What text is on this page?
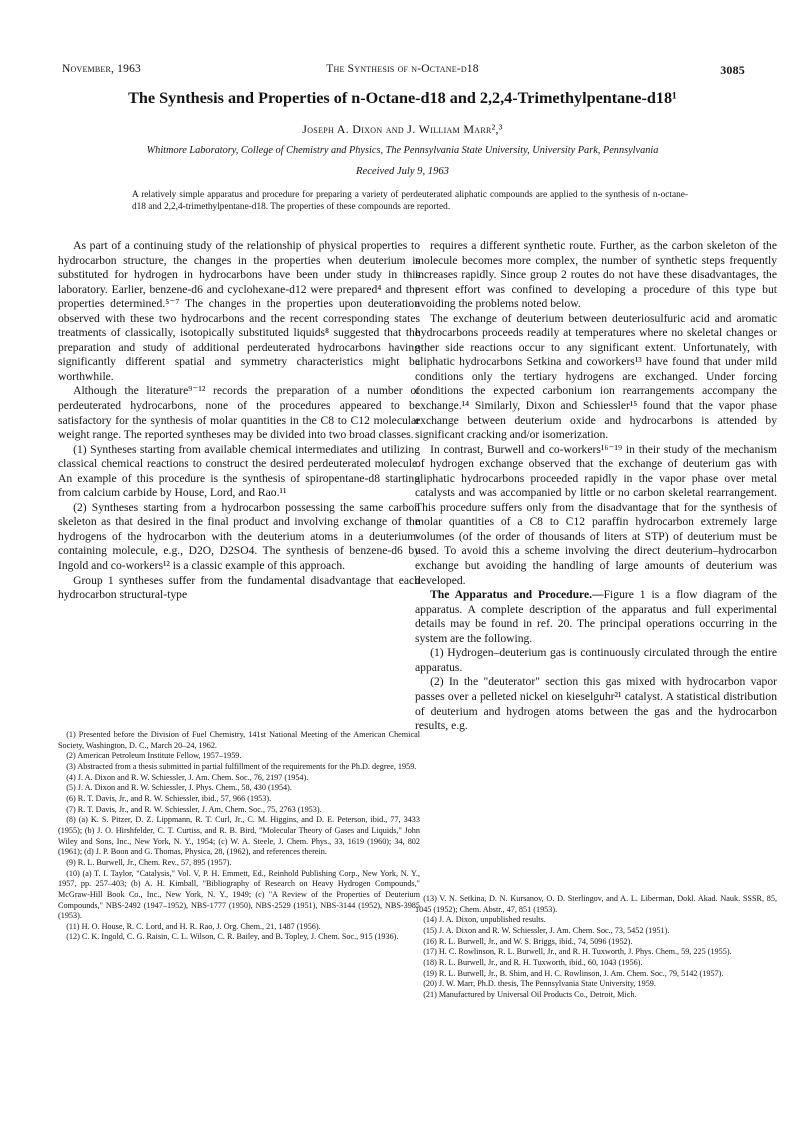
November, 1963	The Synthesis of n-Octane-d18	3085
The Synthesis and Properties of n-Octane-d18 and 2,2,4-Trimethylpentane-d18¹
Joseph A. Dixon and J. William Marr²,³
Whitmore Laboratory, College of Chemistry and Physics, The Pennsylvania State University, University Park, Pennsylvania
Received July 9, 1963
A relatively simple apparatus and procedure for preparing a variety of perdeuterated aliphatic compounds are applied to the synthesis of n-octane-d18 and 2,2,4-trimethylpentane-d18. The properties of these compounds are reported.

As part of a continuing study of the relationship of physical properties to hydrocarbon structure, the changes in the properties when deuterium is substituted for hydrogen in hydrocarbons have been under study in this laboratory. Earlier, benzene-d6 and cyclohexane-d12 were prepared⁴ and the properties determined.⁵⁻⁷ The changes in the properties upon deuteration observed with these two hydrocarbons and the recent corresponding states treatments of classically, isotopically substituted liquids⁸ suggested that the preparation and study of additional perdeuterated hydrocarbons having significantly different spatial and symmetry characteristics might be worthwhile.

Although the literature⁹⁻¹² records the preparation of a number of perdeuterated hydrocarbons, none of the procedures appeared to be satisfactory for the synthesis of molar quantities in the C8 to C12 molecular weight range. The reported syntheses may be divided into two broad classes.

(1) Syntheses starting from available chemical intermediates and utilizing classical chemical reactions to construct the desired perdeuterated molecule. An example of this procedure is the synthesis of spiropentane-d8 starting from calcium carbide by House, Lord, and Rao.¹¹

(2) Syntheses starting from a hydrocarbon possessing the same carbon skeleton as that desired in the final product and involving exchange of the hydrogens of the hydrocarbon with the deuterium atoms in a deuterium-containing molecule, e.g., D2O, D2SO4. The synthesis of benzene-d6 by Ingold and co-workers¹² is a classic example of this approach.

Group 1 syntheses suffer from the fundamental disadvantage that each hydrocarbon structural-type

requires a different synthetic route. Further, as the carbon skeleton of the molecule becomes more complex, the number of synthetic steps frequently increases rapidly. Since group 2 routes do not have these disadvantages, the present effort was confined to developing a procedure of this type but avoiding the problems noted below.

The exchange of deuterium between deuteriosulfuric acid and aromatic hydrocarbons proceeds readily at temperatures where no skeletal changes or other side reactions occur to any significant extent. Unfortunately, with aliphatic hydrocarbons Setkina and coworkers¹³ have found that under mild conditions only the tertiary hydrogens are exchanged. Under forcing conditions the expected carbonium ion rearrangements accompany the exchange.¹⁴ Similarly, Dixon and Schiessler¹⁵ found that the vapor phase exchange between deuterium oxide and hydrocarbons is attended by significant cracking and/or isomerization.

In contrast, Burwell and co-workers¹⁶⁻¹⁹ in their study of the mechanism of hydrogen exchange observed that the exchange of deuterium gas with aliphatic hydrocarbons proceeded rapidly in the vapor phase over metal catalysts and was accompanied by little or no carbon skeletal rearrangement. This procedure suffers only from the disadvantage that for the synthesis of molar quantities of a C8 to C12 paraffin hydrocarbon extremely large volumes (of the order of thousands of liters at STP) of deuterium must be used. To avoid this a scheme involving the direct deuterium–hydrocarbon exchange but avoiding the handling of large amounts of deuterium was developed.

The Apparatus and Procedure.—Figure 1 is a flow diagram of the apparatus. A complete description of the apparatus and full experimental details may be found in ref. 20. The principal operations occurring in the system are the following.

(1) Hydrogen–deuterium gas is continuously circulated through the entire apparatus.

(2) In the "deuterator" section this gas mixed with hydrocarbon vapor passes over a pelleted nickel on kieselguhr²¹ catalyst. A statistical distribution of deuterium and hydrogen atoms between the gas and the hydrocarbon results, e.g.

(1) Presented before the Division of Fuel Chemistry, 141st National Meeting of the American Chemical Society, Washington, D. C., March 20–24, 1962.

(2) American Petroleum Institute Fellow, 1957–1959.

(3) Abstracted from a thesis submitted in partial fulfillment of the requirements for the Ph.D. degree, 1959.

(4) J. A. Dixon and R. W. Schiessler, J. Am. Chem. Soc., 76, 2197 (1954).

(5) J. A. Dixon and R. W. Schiessler, J. Phys. Chem., 58, 430 (1954).

(6) R. T. Davis, Jr., and R. W. Schiessler, ibid., 57, 966 (1953).

(7) R. T. Davis, Jr., and R. W. Schiessler, J. Am. Chem. Soc., 75, 2763 (1953).

(8) (a) K. S. Pitzer, D. Z. Lippmann, R. T. Curl, Jr., C. M. Higgins, and D. E. Peterson, ibid., 77, 3433 (1955); (b) J. O. Hirshfelder, C. T. Curtiss, and R. B. Bird, "Molecular Theory of Gases and Liquids," John Wiley and Sons, Inc., New York, N. Y., 1954; (c) W. A. Steele, J. Chem. Phys., 33, 1619 (1960); 34, 802 (1961); (d) J. P. Boon and G. Thomas, Physica, 28, (1962), and references therein.

(9) R. L. Burwell, Jr., Chem. Rev., 57, 895 (1957).

(10) (a) T. I. Taylor, "Catalysis," Vol. V, P. H. Emmett, Ed., Reinhold Publishing Corp., New York, N. Y., 1957, pp. 257–403; (b) A. H. Kimball, "Bibliography of Research on Heavy Hydrogen Compounds," McGraw-Hill Book Co., Inc., New York, N. Y., 1949; (c) "A Review of the Properties of Deuterium Compounds," NBS-2492 (1947–1952), NBS-1777 (1950), NBS-2529 (1951), NBS-3144 (1952), NBS-3985 (1953).

(11) H. O. House, R. C. Lord, and H. R. Rao, J. Org. Chem., 21, 1487 (1956).

(12) C. K. Ingold, C. G. Raisin, C. L. Wilson, C. R. Bailey, and B. Topley, J. Chem. Soc., 915 (1936).

(13) V. N. Setkina, D. N. Kursanov, O. D. Sterlingov, and A. L. Liberman, Dokl. Akad. Nauk. SSSR, 85, 1045 (1952); Chem. Abstr., 47, 851 (1953).

(14) J. A. Dixon, unpublished results.

(15) J. A. Dixon and R. W. Schiessler, J. Am. Chem. Soc., 73, 5452 (1951).

(16) R. L. Burwell, Jr., and W. S. Briggs, ibid., 74, 5096 (1952).

(17) H. C. Rowlinson, R. L. Burwell, Jr., and R. H. Tuxworth, J. Phys. Chem., 59, 225 (1955).

(18) R. L. Burwell, Jr., and R. H. Tuxworth, ibid., 60, 1043 (1956).

(19) R. L. Burwell, Jr., B. Shim, and H. C. Rowlinson, J. Am. Chem. Soc., 79, 5142 (1957).

(20) J. W. Marr, Ph.D. thesis, The Pennsylvania State University, 1959.

(21) Manufactured by Universal Oil Products Co., Detroit, Mich.
